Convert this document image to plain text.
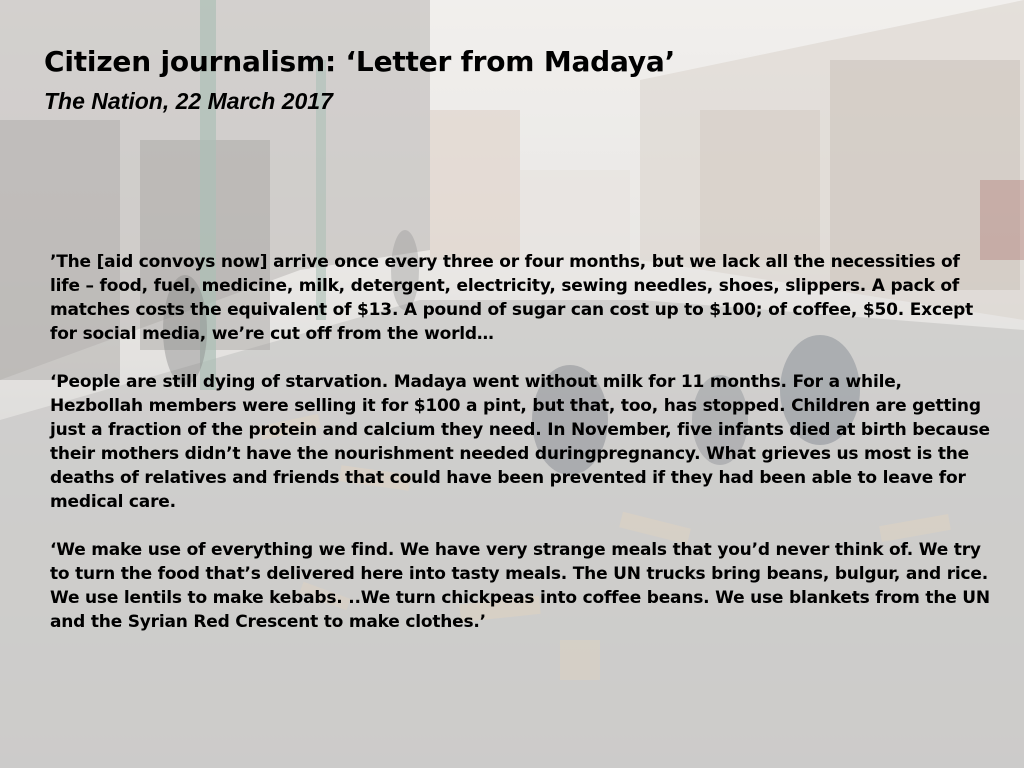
Citizen journalism: ‘Letter from Madaya’
The Nation, 22 March 2017

’The [aid convoys now] arrive once every three or four months, but we lack all the necessities of life – food, fuel, medicine, milk, detergent, electricity, sewing needles, shoes, slippers. A pack of matches costs the equivalent of $13. A pound of sugar can cost up to $100; of coffee, $50. Except for social media, we’re cut off from the world…

‘People are still dying of starvation. Madaya went without milk for 11 months. For a while, Hezbollah members were selling it for $100 a pint, but that, too, has stopped. Children are getting just a fraction of the protein and calcium they need. In November, five infants died at birth because their mothers didn’t have the nourishment needed duringpregnancy. What grieves us most is the deaths of relatives and friends that could have been prevented if they had been able to leave for medical care.

‘We make use of everything we find. We have very strange meals that you’d never think of. We try to turn the food that’s delivered here into tasty meals. The UN trucks bring beans, bulgur, and rice. We use lentils to make kebabs. ..We turn chickpeas into coffee beans. We use blankets from the UN and the Syrian Red Crescent to make clothes.’
